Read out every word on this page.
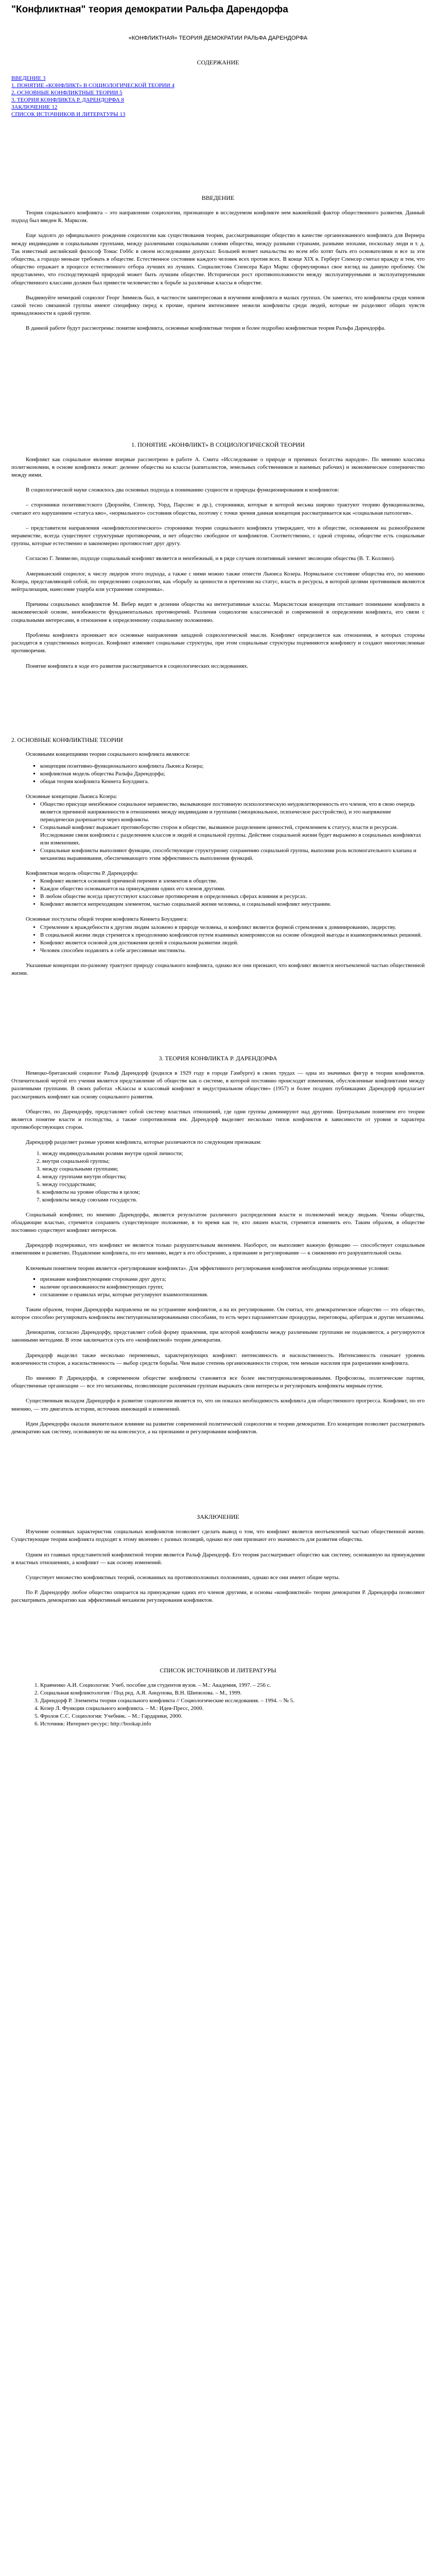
"Конфликтная" теория демократии Ральфа Дарендорфа
«КОНФЛИКТНАЯ» ТЕОРИЯ ДЕМОКРАТИИ РАЛЬФА ДАРЕНДОРФА
СОДЕРЖАНИЕ
ВВЕДЕНИЕ 3
1. ПОНЯТИЕ «КОНФЛИКТ» В СОЦИОЛОГИЧЕСКОЙ ТЕОРИИ 4
2. ОСНОВНЫЕ КОНФЛИКТНЫЕ ТЕОРИИ 5
3. ТЕОРИЯ КОНФЛИКТА Р. ДАРЕНДОРФА 8
ЗАКЛЮЧЕНИЕ 12
СПИСОК ИСТОЧНИКОВ И ЛИТЕРАТУРЫ 13
ВВЕДЕНИЕ

Теория социального конфликта – это направление социологии, признающее в исследуемом конфликте нем важнейший фактор общественного развития. Данный подход был введен К. Марксом.

Еще задолго до официального рождения социологии как существования теории, рассматривающие общество в качестве организованного конфликта для Вернера между индивидами и социальными группами, между различными социальными слоями общества, между разными странами, разными эпохами, поскольку люди и т. д. Так известный английский философ Томас Гоббс в своем исследовании допускал: Большей возмет начальства во всем ибо хотят быть его основателями и все за эти общества, а гораздо меньше требовать в обществе. Естественное состояние каждого человек всех против всех. В конце XIX в. Герберт Спенсер считал вражду и тем, что общество отражает в процессе естественного отбора лучших из лучших. Социалистова Спенсера Карл Маркс сформулировал свое взгляд на данную проблему. Он представлено, что господствующей природой может быть лучшим обществе. Исторически рост противоположности между эксплуатируемыми и эксплуатируемыми общественного классами должен был привести человечество к борьбе за различные классы в обществе.

Выдвинуйте немецкий социолог Георг Зиммель был, в частности заинтересован в изучении конфликта в малых группах. Он заметил, что конфликты среди членов самой тесно связанной группы имеют специфику перед к прочие, причем интенсивнее нежели конфликты среди людей, которые не разделяют общих чувств принадлежности к одной группе.

В данной работе будут рассмотрены: понятие конфликта, основные конфликтные теории и более подробно конфликтная теория Ральфа Дарендорфа.

1. ПОНЯТИЕ «КОНФЛИКТ» В СОЦИОЛОГИЧЕСКОЙ ТЕОРИИ

Конфликт как социальное явление впервые рассмотрено в работе А. Смита «Исследование о природе и причинах богатства народов». По мнению классика политэкономии, в основе конфликта лежат: деление общества на классы (капиталистов, земельных собственников и наемных рабочих) и экономическое соперничество между ними.

В социологической науке сложилось два основных подхода к пониманию сущности и природы функционирования и конфликтов:

– сторонники позитивистского (Дюрхейм, Спенсер, Уорд, Парсонс и др.), сторонники, которые в которой весьма широко трактуют теорию функционализма, считают его нарушением «статуса кво», «нормального» состояния общества, поэтому с точки зрения данная концепция рассматривается как «социальная патология».

– представители направления «конфликтологического» сторонники теории социального конфликта утверждают, что в обществе, основанном на разнообразном неравенстве, всегда существуют структурные противоречия, и нет общество свободное от конфликтов. Соответственно, с одной стороны, обществе есть социальные группы, которые естественно и закономерно противостоят друг другу.

Согласно Г. Зиммелю, подходе социальный конфликт является и неизбежный, и в ряде случаев позитивный элемент эволюции общества (В. Т. Коллинз).

Американский социолог, к числу лидеров этого подхода, а также с ними можно также отнести Льюиса Козера. Нормальное состояние общества его, по мнению Козера, представляющей собой, по определению социологии, как «борьбу за ценности и претензии на статус, власть и ресурсы, в которой целями противников являются нейтрализация, нанесение ущерба или устранение соперника».

Причины социальных конфликтов М. Вебер видит в делении общества на интегративные классы. Марксистская концепция отстаивает понимание конфликта в экономической основе, неизбежности фундаментальных противоречий. Различия социологии классической и современной в определении конфликта, его связи с социальными интересами, в отношение к определенному социальному положению.

Проблема конфликта проникает все основные направления западной социологической мысли. Конфликт определяется как отношения, в которых стороны расходятся в существенных вопросах. Конфликт изменяет социальные структуры, при этом социальные структуры подчиняются конфликту и создают многочисленные противоречия.

Понятие конфликта в ходе его развития рассматривается в социологических исследованиях.

2. ОСНОВНЫЕ КОНФЛИКТНЫЕ ТЕОРИИ

Основными концепциями теории социального конфликта являются:

▪ концепция позитивно-функционального конфликта Льюиса Козера;
▪ конфликтная модель общества Ральфа Дарендорфа;
▪ общая теория конфликта Кеннета Боулдинга.

Основные концепции Льюиса Козера:

• Общество присуще неизбежное социальное неравенство, вызывающее постоянную психологическую неудовлетворенность его членов, что в свою очередь является причиной напряженности в отношениях между индивидами и группами (эмоциональное, психическое расстройство), и это напряжение периодически разрешается через конфликты.
• Социальный конфликт выражает противоборство сторон в обществе, вызванное разделением ценностей, стремлением к статусу, власти и ресурсам. Исследование связи конфликта с разделением классов и людей и социальной группы. Действие социальной жизни будет выражено в социальных конфликтах или изменениях.
• Социальные конфликты выполняют функции, способствующие структурному сохранению социальной группы, выполняя роль вспомогательного клапана и механизма выравнивания, обеспечивающего этим эффективность выполнения функций.

Конфликтная модель общества Р. Дарендорфа:

• Конфликт является основной причиной перемен и элементов в обществе.
• Каждое общество основывается на принуждении одних его членов другими.
• В любом обществе всегда присутствуют классовые противоречия в определенных сферах влияния и ресурсах.
• Конфликт является непреходящим элементом, частью социальной жизни человека, и социальный конфликт неустраним.

Основные постулаты общей теории конфликта Кеннета Боулдинга:

• Стремление к враждебности к другим людям заложено в природе человека, и конфликт является формой стремления к доминированию, лидерству.
• В социальной жизни люди стремятся к преодолению конфликтов путем взаимных компромиссов на основе обоюдной выгоды и взаимоприемлемых решений.
• Конфликт является основой для достижения целей в социальном развитии людей.
• Человек способен подавлять в себе агрессивные инстинкты.

Указанные концепции по-разному трактуют природу социального конфликта, однако все они признают, что конфликт является неотъемлемой частью общественной жизни.

3. ТЕОРИЯ КОНФЛИКТА Р. ДАРЕНДОРФА

Немецко-британский социолог Ральф Дарендорф (родился в 1929 году в городе Гамбурге) в своих трудах — одна из значимых фигур в теории конфликтов. Отличительной чертой его учения является представление об обществе как о системе, в которой постоянно происходят изменения, обусловленные конфликтами между различными группами. В своих работах «Классы и классовый конфликт в индустриальном обществе» (1957) и более поздних публикациях Дарендорф предлагает рассматривать конфликт как основу социального развития.

Общество, по Дарендорфу, представляет собой систему властных отношений, где одни группы доминируют над другими. Центральным понятием его теории является понятие власти и господства, а также сопротивления им. Дарендорф выделяет несколько типов конфликтов в зависимости от уровня и характера противоборствующих сторон.

Дарендорф разделяет разные уровни конфликта, которые различаются по следующим признакам:

1. между индивидуальными ролями внутри одной личности;
2. внутри социальной группы;
3. между социальными группами;
4. между группами внутри общества;
5. между государствами;
6. конфликты на уровне общества в целом;
7. конфликты между союзами государств.

Социальный конфликт, по мнению Дарендорфа, является результатом различного распределения власти и полномочий между людьми. Члены общества, обладающие властью, стремятся сохранить существующее положение, в то время как те, кто лишен власти, стремятся изменить его. Таким образом, в обществе постоянно существует конфликт интересов.

Дарендорф подчеркивал, что конфликт не является только разрушительным явлением. Наоборот, он выполняет важную функцию — способствует социальным изменениям и развитию. Подавление конфликта, по его мнению, ведет к его обострению, а признание и регулирование — к снижению его разрушительной силы.

Ключевым понятием теории является «регулирование конфликта». Для эффективного регулирования конфликтов необходимы определенные условия:

▪ признание конфликтующими сторонами друг друга;
▪ наличие организованности конфликтующих групп;
▪ соглашение о правилах игры, которые регулируют взаимоотношения.

Таким образом, теория Дарендорфа направлена не на устранение конфликтов, а на их регулирование. Он считал, что демократическое общество — это общество, которое способно регулировать конфликты институционализированными способами, то есть через парламентские процедуры, переговоры, арбитраж и другие механизмы.

Демократия, согласно Дарендорфу, представляет собой форму правления, при которой конфликты между различными группами не подавляются, а регулируются законными методами. В этом заключается суть его «конфликтной» теории демократии.

Дарендорф выделял также несколько переменных, характеризующих конфликт: интенсивность и насильственность. Интенсивность означает уровень вовлеченности сторон, а насильственность — выбор средств борьбы. Чем выше степень организованности сторон, тем меньше насилия при разрешении конфликта.

По мнению Р. Дарендорфа, в современном обществе конфликты становятся все более институционализированными. Профсоюзы, политические партии, общественные организации — все это механизмы, позволяющие различным группам выражать свои интересы и регулировать конфликты мирным путем.

Существенным вкладом Дарендорфа в развитие социологии является то, что он показал необходимость конфликта для общественного прогресса. Конфликт, по его мнению, — это двигатель истории, источник инноваций и изменений.

Идеи Дарендорфа оказали значительное влияние на развитие современной политической социологии и теории демократии. Его концепция позволяет рассматривать демократию как систему, основанную не на консенсусе, а на признании и регулировании конфликтов.

ЗАКЛЮЧЕНИЕ

Изучение основных характеристик социальных конфликтов позволяет сделать вывод о том, что конфликт является неотъемлемой частью общественной жизни. Существующие теории конфликта подходят к этому явлению с разных позиций, однако все они признают его значимость для развития общества.

Одним из главных представителей конфликтной теории является Ральф Дарендорф. Его теория рассматривает общество как систему, основанную на принуждении и властных отношениях, а конфликт — как основу изменений.

Существует множество конфликтных теорий, основанных на противоположных положениях, однако все они имеют общие черты.

По Р. Дарендорфу любое общество опирается на принуждение одних его членов другими, и основы «конфликтной» теории демократии Р. Дарендорфа позволяют рассматривать демократию как эффективный механизм регулирования конфликтов.

СПИСОК ИСТОЧНИКОВ И ЛИТЕРАТУРЫ
1. Кравченко А.И. Социология: Учеб. пособие для студентов вузов. – М.: Академия, 1997. – 256 с.
2. Социальная конфликтология / Под ред. А.Я. Анцупова, В.Н. Шипилова. – М., 1999.
3. Дарендорф Р. Элементы теории социального конфликта // Социологические исследования. – 1994. – № 5.
4. Козер Л. Функции социального конфликта. – М.: Идея-Пресс, 2000.
5. Фролов С.С. Социология: Учебник. – М.: Гардарики, 2000.
6. Источник: Интернет-ресурс: http://bookap.info
